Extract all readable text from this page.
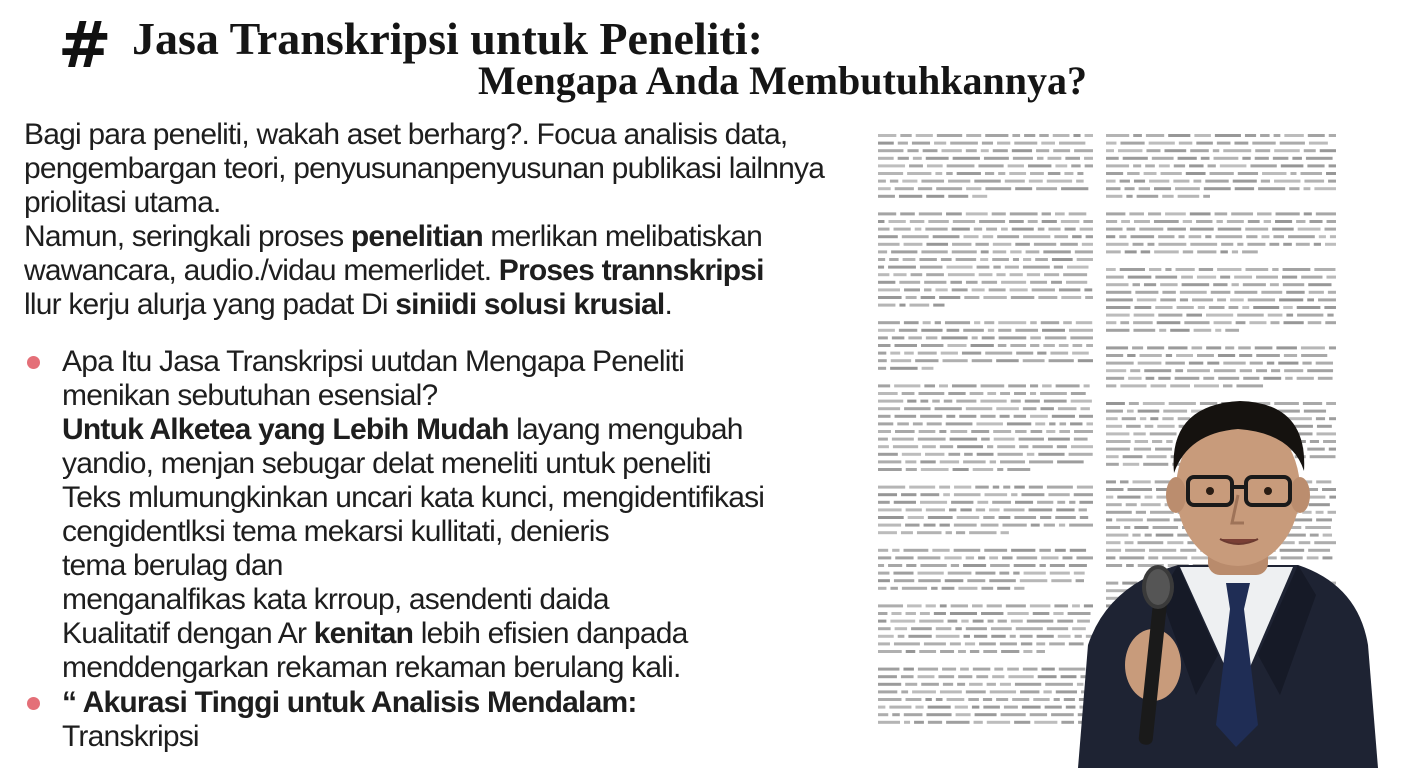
# Jasa Transkripsi untuk Peneliti:
Mengapa Anda Membutuhkannya?
Bagi para peneliti, wakah aset berharg?. Focua analisis data,
pengembargan teori, penyusunanpenyusunan publikasi lailnnya
priolitasi utama.
Namun, seringkali proses penelitian merlikan melibatiskan
wawancara, audio./vidau memerlidet. Proses trannskripsi
llur kerju alurja yang padat Di siniidi solusi krusial.
Apa Itu Jasa Transkripsi uutdan Mengapa Peneliti
menikan sebutuhan esensial?
Untuk Alketea yang Lebih Mudah layang mengubah
yandio, menjan sebugar delat meneliti untuk peneliti
Teks mlumungkinkan uncari kata kunci, mengidentifikasi
cengidentlksi tema mekarsi kullitati, denieris
tema berulag dan
menganalfikas kata krroup, asendenti daida
Kualitatif dengan Ar kenitan lebih efisien danpada
menddengarkan rekaman rekaman berulang kali.
“ Akurasi Tinggi untuk Analisis Mendalam:
Transkripsi
